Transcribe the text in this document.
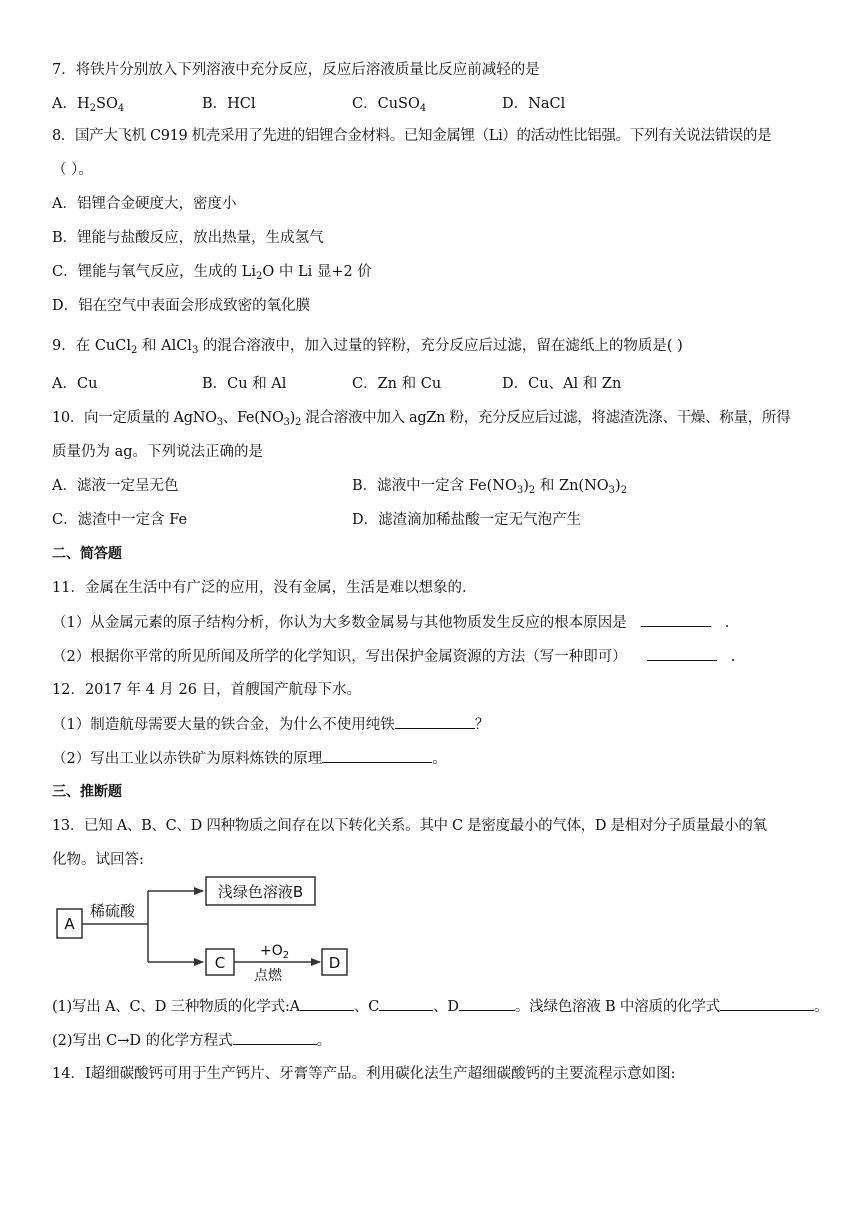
7．将铁片分别放入下列溶液中充分反应，反应后溶液质量比反应前减轻的是
A．$H_2SO_4$	B．HCl	C．CuSO$_4$	D．NaCl
8．国产大飞机 C919 机壳采用了先进的铝锂合金材料。已知金属锂（Li）的活动性比铝强。下列有关说法错误的是
（ ）。
A．铝锂合金硬度大，密度小
B．锂能与盐酸反应，放出热量，生成氢气
C．锂能与氧气反应，生成的 $Li_2O$ 中 Li 显+2 价
D．铝在空气中表面会形成致密的氧化膜
9．在 CuCl$_2$ 和 AlCl$_3$ 的混合溶液中，加入过量的锌粉，充分反应后过滤，留在滤纸上的物质是( )
A．Cu	B．Cu 和 Al	C．Zn 和 Cu	D．Cu、Al 和 Zn
10．向一定质量的 AgNO$_3$、$Fe(NO_3)_2$ 混合溶液中加入 agZn 粉，充分反应后过滤，将滤渣洗涤、干燥、称量，所得
质量仍为 ag。下列说法正确的是
A．滤液一定呈无色	B．滤液中一定含 $Fe(NO_3)_2$ 和 $Zn(NO_3)_2$
C．滤渣中一定含 Fe	D．滤渣滴加稀盐酸一定无气泡产生
二、简答题
11．金属在生活中有广泛的应用，没有金属，生活是难以想象的.
（1）从金属元素的原子结构分析，你认为大多数金属易与其他物质发生反应的根本原因是	.
（2）根据你平常的所见所闻及所学的化学知识，写出保护金属资源的方法（写一种即可）	.
12．2017 年 4 月 26 日，首艘国产航母下水。
（1）制造航母需要大量的铁合金，为什么不使用纯铁	？
（2）写出工业以赤铁矿为原料炼铁的原理	。
三、推断题
13．已知 A、B、C、D 四种物质之间存在以下转化关系。其中 C 是密度最小的气体，D 是相对分子质量最小的氧
化物。试回答:
A
稀硫酸
浅绿色溶液B
C
$+O_2$
点燃
D
(1)写出 A、C、D 三种物质的化学式:A	、C	、D	。浅绿色溶液 B 中溶质的化学式	。
(2)写出 C→D 的化学方程式	。
14．I超细碳酸钙可用于生产钙片、牙膏等产品。利用碳化法生产超细碳酸钙的主要流程示意如图:
